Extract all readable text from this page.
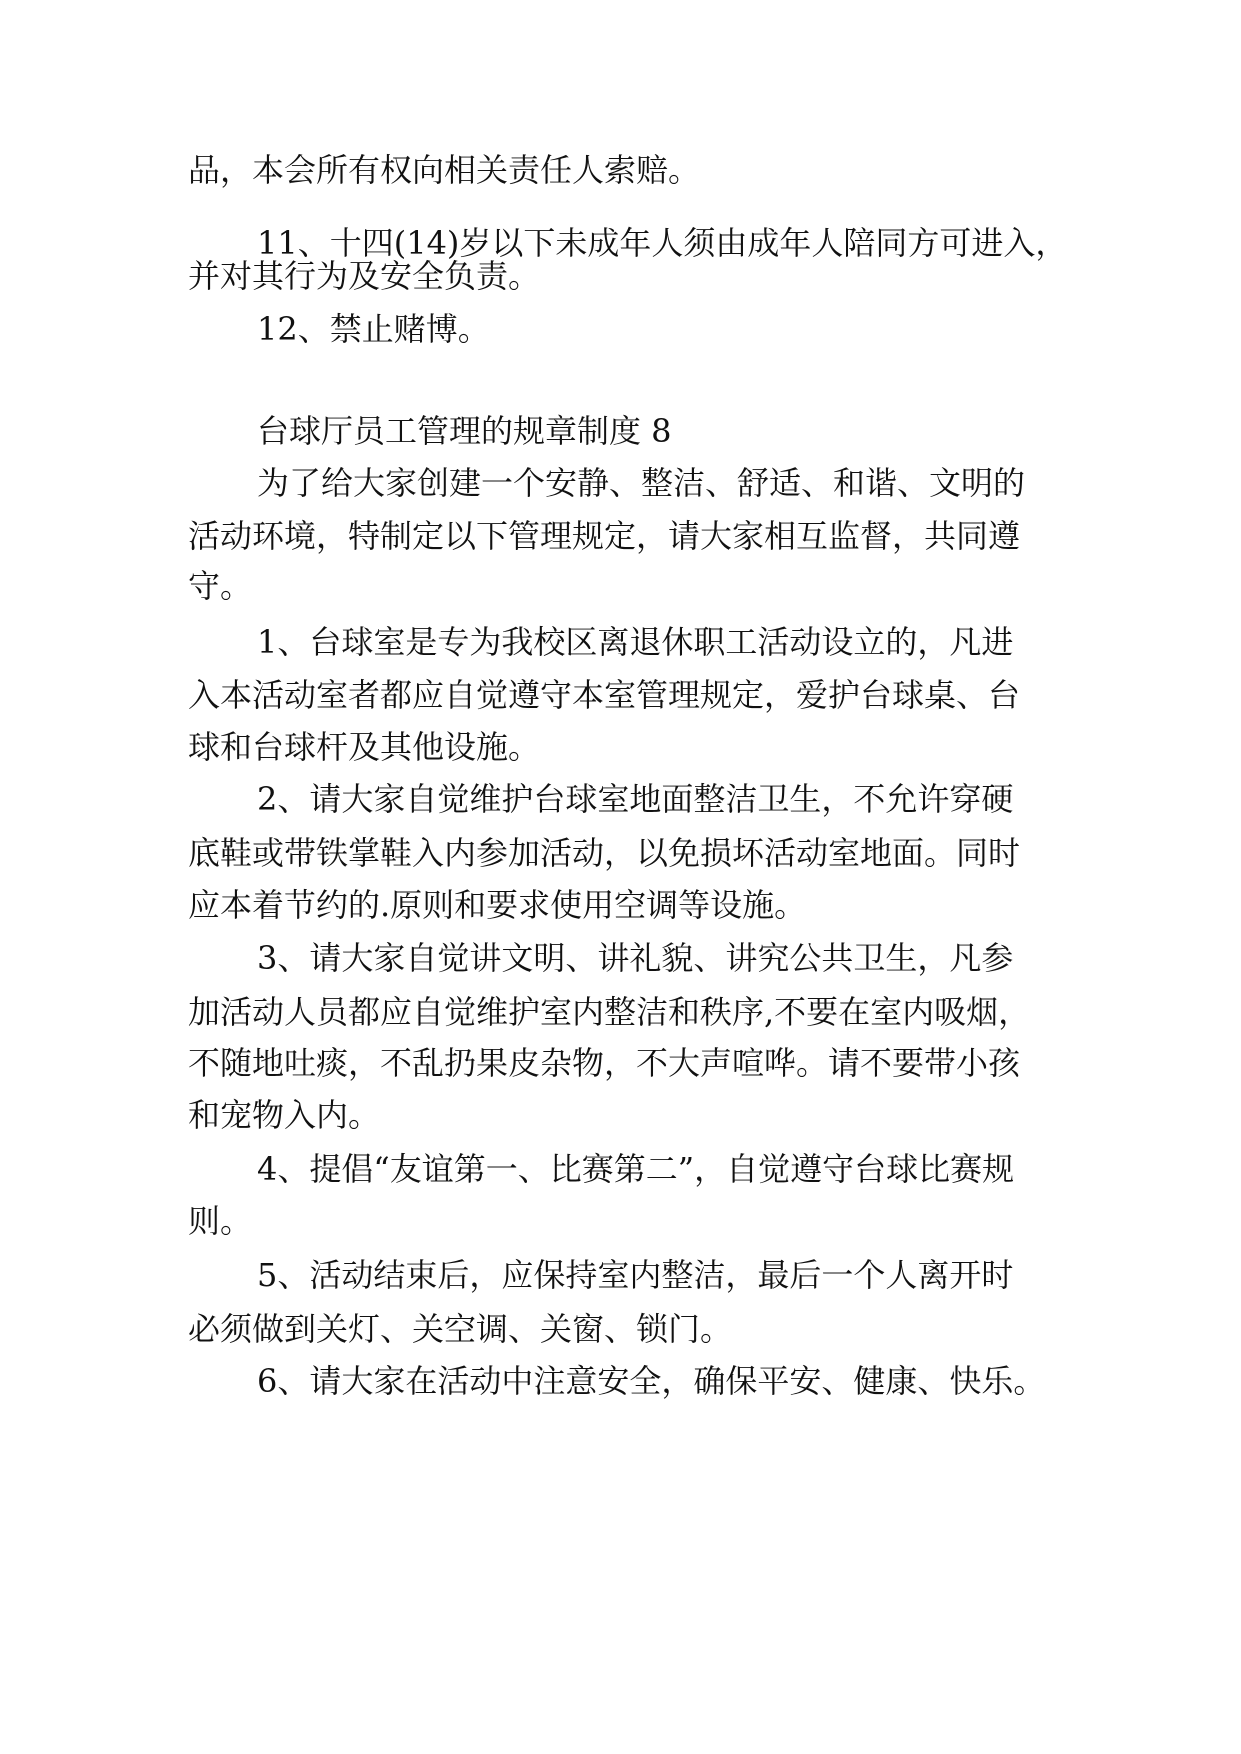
品，本会所有权向相关责任人索赔。
11、十四(14)岁以下未成年人须由成年人陪同方可进入，
并对其行为及安全负责。
12、禁止赌博。
台球厅员工管理的规章制度 8
为了给大家创建一个安静、整洁、舒适、和谐、文明的
活动环境，特制定以下管理规定，请大家相互监督，共同遵
守。
1、台球室是专为我校区离退休职工活动设立的，凡进
入本活动室者都应自觉遵守本室管理规定，爱护台球桌、台
球和台球杆及其他设施。
2、请大家自觉维护台球室地面整洁卫生，不允许穿硬
底鞋或带铁掌鞋入内参加活动，以免损坏活动室地面。同时
应本着节约的.原则和要求使用空调等设施。
3、请大家自觉讲文明、讲礼貌、讲究公共卫生，凡参
加活动人员都应自觉维护室内整洁和秩序,不要在室内吸烟，
不随地吐痰，不乱扔果皮杂物，不大声喧哗。请不要带小孩
和宠物入内。
4、提倡“友谊第一、比赛第二”，自觉遵守台球比赛规
则。
5、活动结束后，应保持室内整洁，最后一个人离开时
必须做到关灯、关空调、关窗、锁门。
6、请大家在活动中注意安全，确保平安、健康、快乐。
